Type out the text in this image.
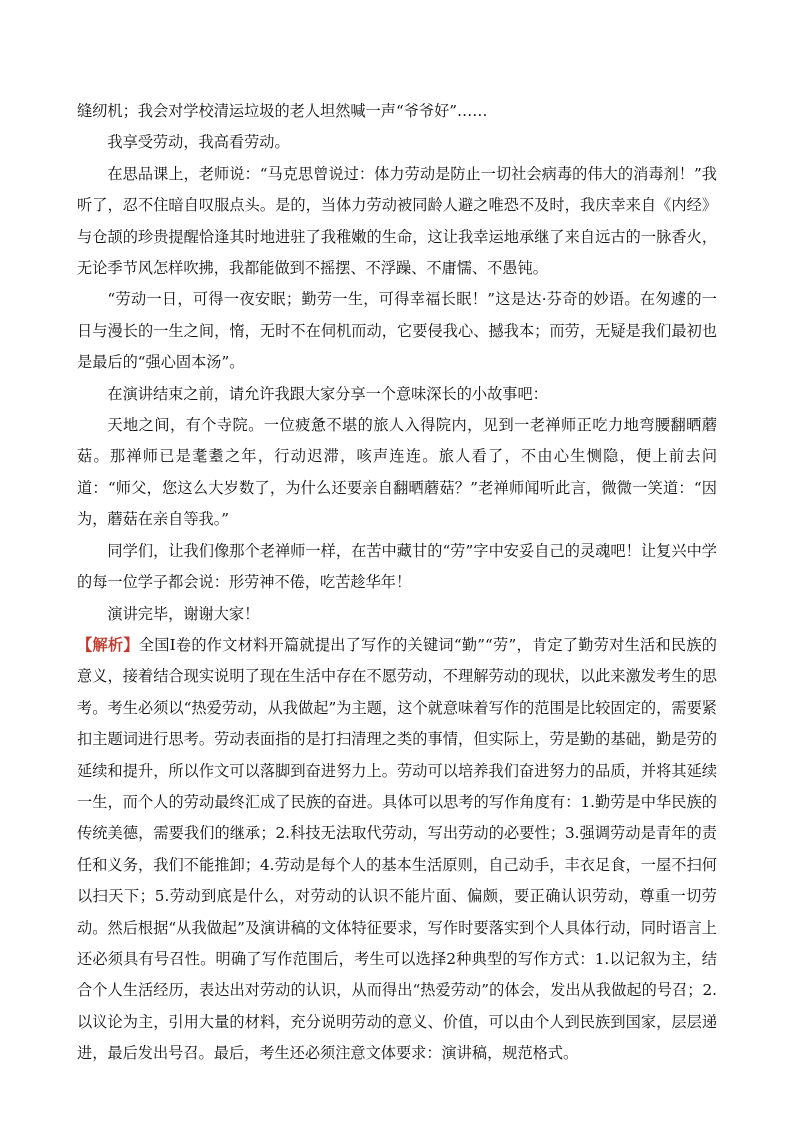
缝纫机；我会对学校清运垃圾的老人坦然喊一声“爷爷好”……

我享受劳动，我高看劳动。

在思品课上，老师说：“马克思曾说过：体力劳动是防止一切社会病毒的伟大的消毒剂！”我听了，忍不住暗自叹服点头。是的，当体力劳动被同龄人避之唯恐不及时，我庆幸来自《内经》与仓颉的珍贵提醒恰逢其时地进驻了我稚嫩的生命，这让我幸运地承继了来自远古的一脉香火，无论季节风怎样吹拂，我都能做到不摇摆、不浮躁、不庸懦、不愚钝。

“劳动一日，可得一夜安眠；勤劳一生，可得幸福长眠！”这是达·芬奇的妙语。在匆遽的一日与漫长的一生之间，惰，无时不在伺机而动，它要侵我心、撼我本；而劳，无疑是我们最初也是最后的“强心固本汤”。

在演讲结束之前，请允许我跟大家分享一个意味深长的小故事吧：

天地之间，有个寺院。一位疲惫不堪的旅人入得院内，见到一老禅师正吃力地弯腰翻晒蘑菇。那禅师已是耄耋之年，行动迟滞，咳声连连。旅人看了，不由心生恻隐，便上前去问道：“师父，您这么大岁数了，为什么还要亲自翻晒蘑菇？”老禅师闻听此言，微微一笑道：“因为，蘑菇在亲自等我。”

同学们，让我们像那个老禅师一样，在苦中藏甘的“劳”字中安妥自己的灵魂吧！让复兴中学的每一位学子都会说：形劳神不倦，吃苦趁华年！

演讲完毕，谢谢大家！

【解析】全国Ⅰ卷的作文材料开篇就提出了写作的关键词“勤”“劳”，肯定了勤劳对生活和民族的意义，接着结合现实说明了现在生活中存在不愿劳动，不理解劳动的现状，以此来激发考生的思考。考生必须以“热爱劳动，从我做起”为主题，这个就意味着写作的范围是比较固定的，需要紧扣主题词进行思考。劳动表面指的是打扫清理之类的事情，但实际上，劳是勤的基础，勤是劳的延续和提升，所以作文可以落脚到奋进努力上。劳动可以培养我们奋进努力的品质，并将其延续一生，而个人的劳动最终汇成了民族的奋进。具体可以思考的写作角度有：1.勤劳是中华民族的传统美德，需要我们的继承；2.科技无法取代劳动，写出劳动的必要性；3.强调劳动是青年的责任和义务，我们不能推卸；4.劳动是每个人的基本生活原则，自己动手，丰衣足食，一屋不扫何以扫天下；5.劳动到底是什么，对劳动的认识不能片面、偏颇，要正确认识劳动，尊重一切劳动。然后根据“从我做起”及演讲稿的文体特征要求，写作时要落实到个人具体行动，同时语言上还必须具有号召性。明确了写作范围后，考生可以选择2种典型的写作方式：1.以记叙为主，结合个人生活经历，表达出对劳动的认识，从而得出“热爱劳动”的体会，发出从我做起的号召；2.以议论为主，引用大量的材料，充分说明劳动的意义、价值，可以由个人到民族到国家，层层递进，最后发出号召。最后，考生还必须注意文体要求：演讲稿，规范格式。
